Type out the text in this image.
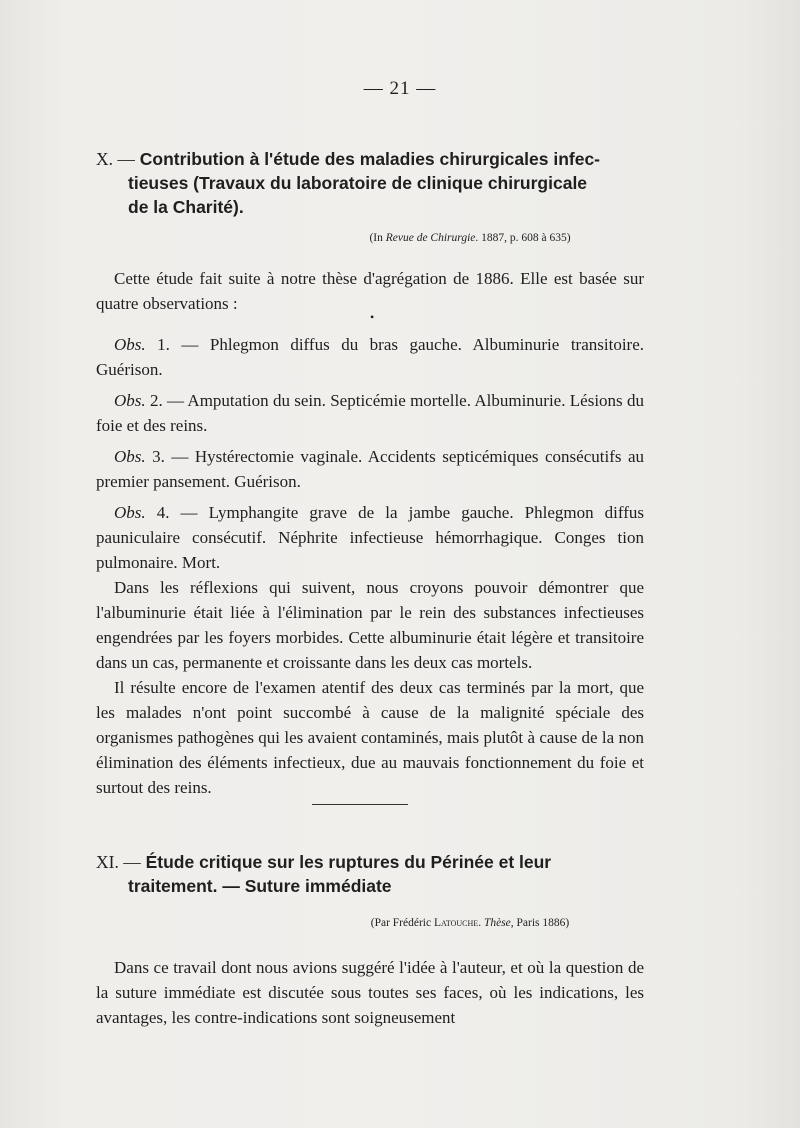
— 21 —
X. — Contribution à l'étude des maladies chirurgicales infec-
tieuses (Travaux du laboratoire de clinique chirurgicale
de la Charité).
(In Revue de Chirurgie. 1887, p. 608 à 635)

Cette étude fait suite à notre thèse d'agrégation de 1886. Elle est basée sur quatre observations :

•

Obs. 1. — Phlegmon diffus du bras gauche. Albuminurie transitoire. Guérison.

Obs. 2. — Amputation du sein. Septicémie mortelle. Albuminurie. Lésions du foie et des reins.

Obs. 3. — Hystérectomie vaginale. Accidents septicémiques consécutifs au premier pansement. Guérison.

Obs. 4. — Lymphangite grave de la jambe gauche. Phlegmon diffus pauniculaire consécutif. Néphrite infectieuse hémorrhagique. Conges tion pulmonaire. Mort.

Dans les réflexions qui suivent, nous croyons pouvoir démontrer que l'albuminurie était liée à l'élimination par le rein des substances infectieuses engendrées par les foyers morbides. Cette albuminurie était légère et transitoire dans un cas, permanente et croissante dans les deux cas mortels.

Il résulte encore de l'examen atentif des deux cas terminés par la mort, que les malades n'ont point succombé à cause de la malignité spéciale des organismes pathogènes qui les avaient contaminés, mais plutôt à cause de la non élimination des éléments infectieux, due au mauvais fonctionnement du foie et surtout des reins.

XI. — Étude critique sur les ruptures du Périnée et leur
traitement. — Suture immédiate
(Par Frédéric Latouche. Thèse, Paris 1886)

Dans ce travail dont nous avions suggéré l'idée à l'auteur, et où la question de la suture immédiate est discutée sous toutes ses faces, où les indications, les avantages, les contre-indications sont soigneusement
